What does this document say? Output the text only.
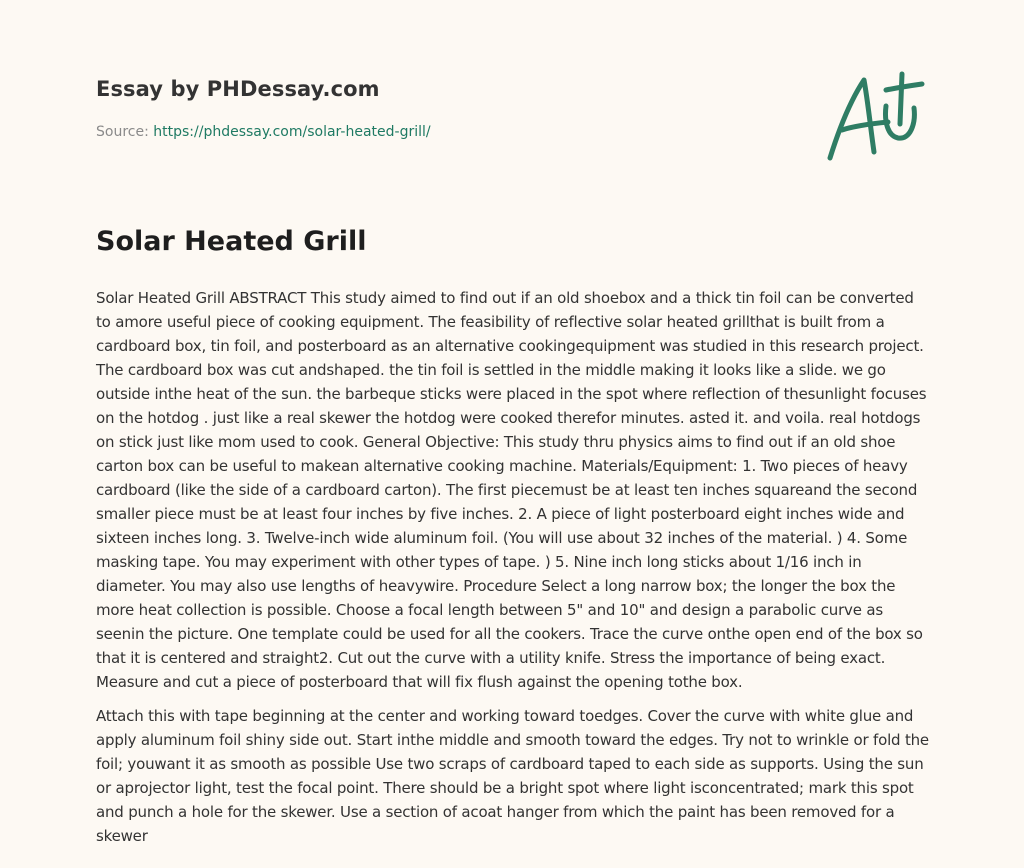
Essay by PHDessay.com
Source: https://phdessay.com/solar-heated-grill/
Solar Heated Grill

Solar Heated Grill ABSTRACT This study aimed to find out if an old shoebox and a thick tin foil can be converted to amore useful piece of cooking equipment. The feasibility of reflective solar heated grillthat is built from a cardboard box, tin foil, and posterboard as an alternative cookingequipment was studied in this research project. The cardboard box was cut andshaped. the tin foil is settled in the middle making it looks like a slide. we go outside inthe heat of the sun. the barbeque sticks were placed in the spot where reflection of thesunlight focuses on the hotdog . just like a real skewer the hotdog were cooked therefor minutes. asted it. and voila. real hotdogs on stick just like mom used to cook. General Objective: This study thru physics aims to find out if an old shoe carton box can be useful to makean alternative cooking machine. Materials/Equipment: 1. Two pieces of heavy cardboard (like the side of a cardboard carton). The first piecemust be at least ten inches squareand the second smaller piece must be at least four inches by five inches. 2. A piece of light posterboard eight inches wide and sixteen inches long. 3. Twelve-inch wide aluminum foil. (You will use about 32 inches of the material. ) 4. Some masking tape. You may experiment with other types of tape. ) 5. Nine inch long sticks about 1/16 inch in diameter. You may also use lengths of heavywire. Procedure Select a long narrow box; the longer the box the more heat collection is possible. Choose a focal length between 5" and 10" and design a parabolic curve as seenin the picture. One template could be used for all the cookers. Trace the curve onthe open end of the box so that it is centered and straight2. Cut out the curve with a utility knife. Stress the importance of being exact. Measure and cut a piece of posterboard that will fix flush against the opening tothe box.

Attach this with tape beginning at the center and working toward toedges. Cover the curve with white glue and apply aluminum foil shiny side out. Start inthe middle and smooth toward the edges. Try not to wrinkle or fold the foil; youwant it as smooth as possible Use two scraps of cardboard taped to each side as supports. Using the sun or aprojector light, test the focal point. There should be a bright spot where light isconcentrated; mark this spot and punch a hole for the skewer. Use a section of acoat hanger from which the paint has been removed for a skewer
